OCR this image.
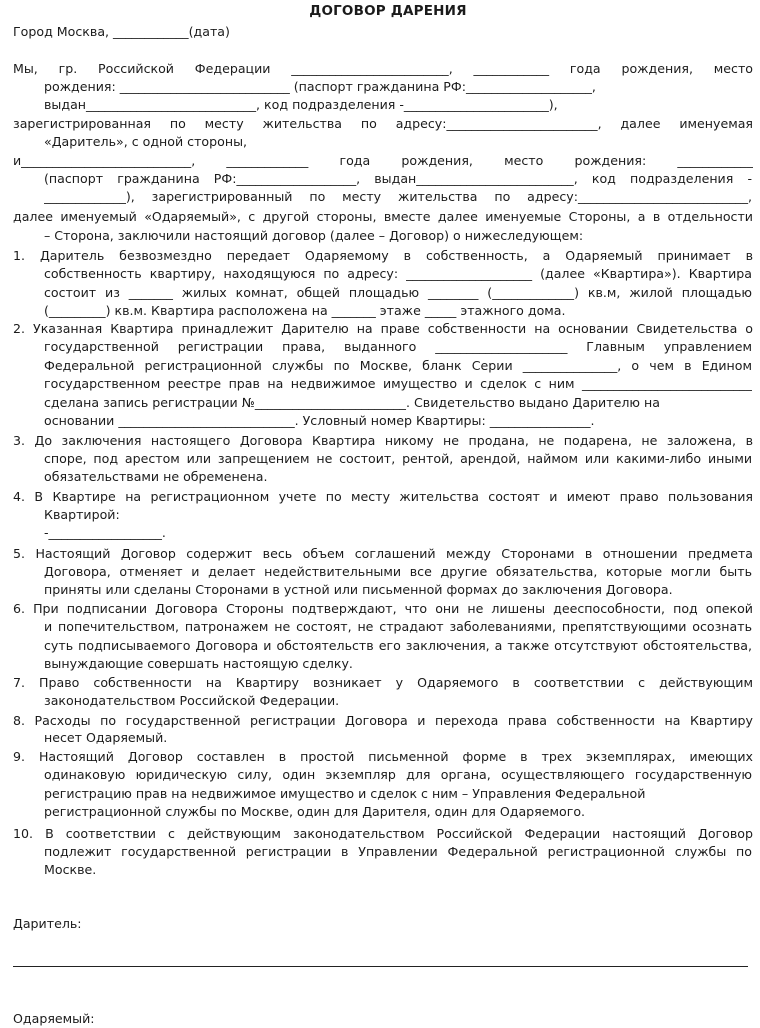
ДОГОВОР ДАРЕНИЯ
Город Москва, ____________(дата)
Мы, гр. Российской Федерации _________________________, ____________ года рождения, место
рождения: ___________________________ (паспорт гражданина РФ:____________________,
выдан___________________________, код подразделения -_______________________),
зарегистрированная по месту жительства по адресу:________________________, далее именуемая
«Даритель», с одной стороны,
и___________________________, _____________ года рождения, место рождения: ____________
(паспорт гражданина РФ:___________________, выдан_________________________, код подразделения -
_____________), зарегистрированный по месту жительства по адресу:___________________________,
далее именуемый «Одаряемый», с другой стороны, вместе далее именуемые Стороны, а в отдельности
– Сторона, заключили настоящий договор (далее – Договор) о нижеследующем:
1. Даритель безвозмездно передает Одаряемому в собственность, а Одаряемый принимает в
собственность квартиру, находящуюся по адресу: ____________________ (далее «Квартира»). Квартира
состоит из _______ жилых комнат, общей площадью ________ (_____________) кв.м, жилой площадью
(_________) кв.м. Квартира расположена на _______ этаже _____ этажного дома.
2. Указанная Квартира принадлежит Дарителю на праве собственности на основании Свидетельства о
государственной регистрации права, выданного _____________________ Главным управлением
Федеральной регистрационной службы по Москве, бланк Серии _______________, о чем в Едином
государственном реестре прав на недвижимое имущество и сделок с ним ___________________________
сделана запись регистрации №________________________. Свидетельство выдано Дарителю на
основании ____________________________. Условный номер Квартиры: ________________.
3. До заключения настоящего Договора Квартира никому не продана, не подарена, не заложена, в
споре, под арестом или запрещением не состоит, рентой, арендой, наймом или какими-либо иными
обязательствами не обременена.
4. В Квартире на регистрационном учете по месту жительства состоят и имеют право пользования
Квартирой:
-__________________.
5. Настоящий Договор содержит весь объем соглашений между Сторонами в отношении предмета
Договора, отменяет и делает недействительными все другие обязательства, которые могли быть
приняты или сделаны Сторонами в устной или письменной формах до заключения Договора.
6. При подписании Договора Стороны подтверждают, что они не лишены дееспособности, под опекой
и попечительством, патронажем не состоят, не страдают заболеваниями, препятствующими осознать
суть подписываемого Договора и обстоятельств его заключения, а также отсутствуют обстоятельства,
вынуждающие совершать настоящую сделку.
7. Право собственности на Квартиру возникает у Одаряемого в соответствии с действующим
законодательством Российской Федерации.
8. Расходы по государственной регистрации Договора и перехода права собственности на Квартиру
несет Одаряемый.
9. Настоящий Договор составлен в простой письменной форме в трех экземплярах, имеющих
одинаковую юридическую силу, один экземпляр для органа, осуществляющего государственную
регистрацию прав на недвижимое имущество и сделок с ним – Управления Федеральной
регистрационной службы по Москве, один для Дарителя, один для Одаряемого.
10. В соответствии с действующим законодательством Российской Федерации настоящий Договор
подлежит государственной регистрации в Управлении Федеральной регистрационной службы по
Москве.
Даритель:
Одаряемый:
